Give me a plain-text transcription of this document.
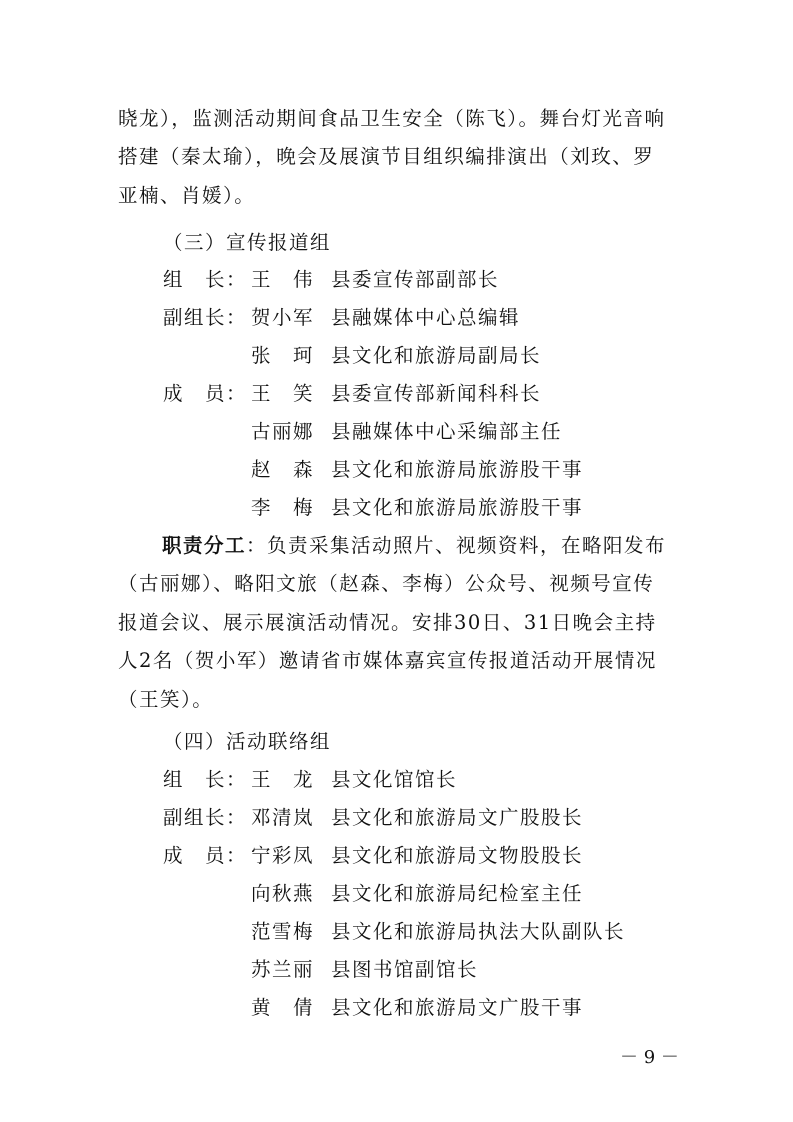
晓龙），监测活动期间食品卫生安全（陈飞）。舞台灯光音响
搭建（秦太瑜），晚会及展演节目组织编排演出（刘玫、罗
亚楠、肖媛）。
（三）宣传报道组
组　长： 王　伟 县委宣传部副部长
副组长： 贺小军 县融媒体中心总编辑
张　珂 县文化和旅游局副局长
成　员： 王　笑 县委宣传部新闻科科长
古丽娜 县融媒体中心采编部主任
赵　森 县文化和旅游局旅游股干事
李　梅 县文化和旅游局旅游股干事
职责分工：负责采集活动照片、视频资料，在略阳发布
（古丽娜）、略阳文旅（赵森、李梅）公众号、视频号宣传
报道会议、展示展演活动情况。安排30日、31日晚会主持
人2名（贺小军）邀请省市媒体嘉宾宣传报道活动开展情况
（王笑）。
（四）活动联络组
组　长： 王　龙 县文化馆馆长
副组长： 邓清岚 县文化和旅游局文广股股长
成　员： 宁彩凤 县文化和旅游局文物股股长
向秋燕 县文化和旅游局纪检室主任
范雪梅 县文化和旅游局执法大队副队长
苏兰丽 县图书馆副馆长
黄　倩 县文化和旅游局文广股干事
－ 9 －
